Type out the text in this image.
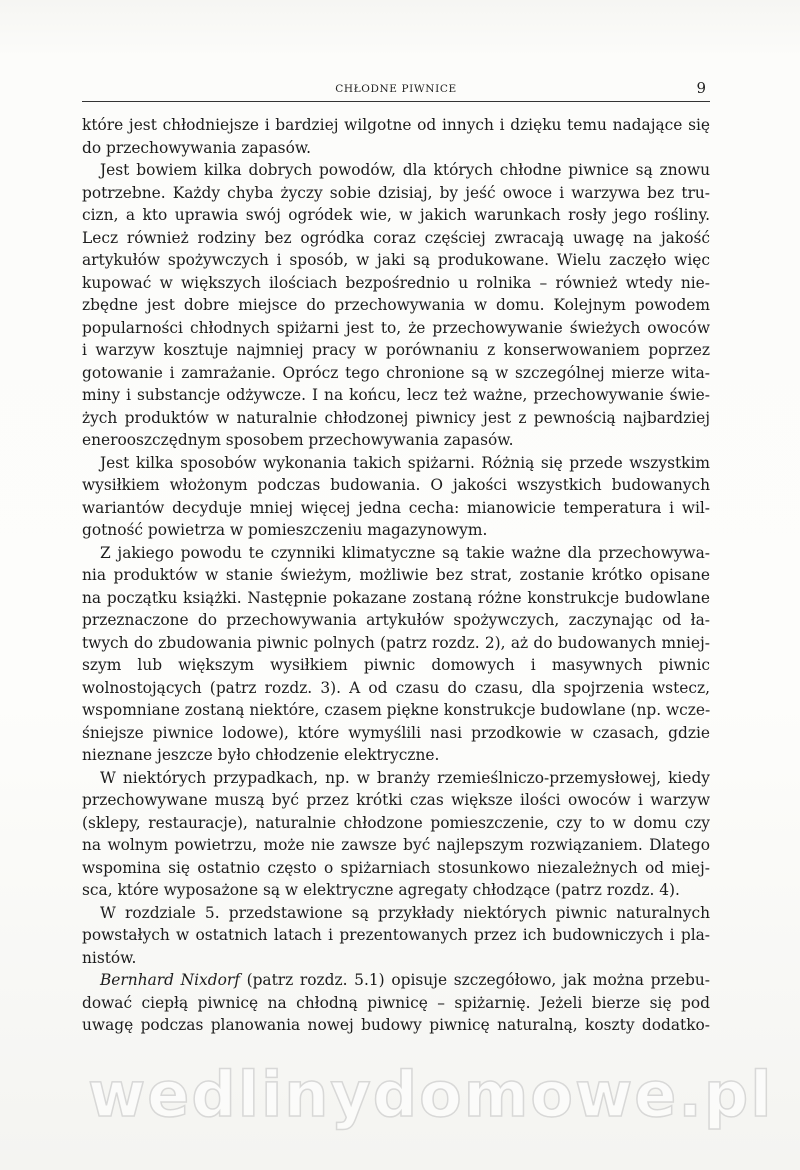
CHŁODNE PIWNICE	9
które jest chłodniejsze i bardziej wilgotne od innych i dzięku temu nadające się
do przechowywania zapasów.
Jest bowiem kilka dobrych powodów, dla których chłodne piwnice są znowu
potrzebne. Każdy chyba życzy sobie dzisiaj, by jeść owoce i warzywa bez tru-
cizn, a kto uprawia swój ogródek wie, w jakich warunkach rosły jego rośliny.
Lecz również rodziny bez ogródka coraz częściej zwracają uwagę na jakość
artykułów spożywczych i sposób, w jaki są produkowane. Wielu zaczęło więc
kupować w większych ilościach bezpośrednio u rolnika – również wtedy nie-
zbędne jest dobre miejsce do przechowywania w domu. Kolejnym powodem
popularności chłodnych spiżarni jest to, że przechowywanie świeżych owoców
i warzyw kosztuje najmniej pracy w porównaniu z konserwowaniem poprzez
gotowanie i zamrażanie. Oprócz tego chronione są w szczególnej mierze wita-
miny i substancje odżywcze. I na końcu, lecz też ważne, przechowywanie świe-
żych produktów w naturalnie chłodzonej piwnicy jest z pewnością najbardziej
enerooszczędnym sposobem przechowywania zapasów.
Jest kilka sposobów wykonania takich spiżarni. Różnią się przede wszystkim
wysiłkiem włożonym podczas budowania. O jakości wszystkich budowanych
wariantów decyduje mniej więcej jedna cecha: mianowicie temperatura i wil-
gotność powietrza w pomieszczeniu magazynowym.
Z jakiego powodu te czynniki klimatyczne są takie ważne dla przechowywa-
nia produktów w stanie świeżym, możliwie bez strat, zostanie krótko opisane
na początku książki. Następnie pokazane zostaną różne konstrukcje budowlane
przeznaczone do przechowywania artykułów spożywczych, zaczynając od ła-
twych do zbudowania piwnic polnych (patrz rozdz. 2), aż do budowanych mniej-
szym lub większym wysiłkiem piwnic domowych i masywnych piwnic
wolnostojących (patrz rozdz. 3). A od czasu do czasu, dla spojrzenia wstecz,
wspomniane zostaną niektóre, czasem piękne konstrukcje budowlane (np. wcze-
śniejsze piwnice lodowe), które wymyślili nasi przodkowie w czasach, gdzie
nieznane jeszcze było chłodzenie elektryczne.
W niektórych przypadkach, np. w branży rzemieślniczo-przemysłowej, kiedy
przechowywane muszą być przez krótki czas większe ilości owoców i warzyw
(sklepy, restauracje), naturalnie chłodzone pomieszczenie, czy to w domu czy
na wolnym powietrzu, może nie zawsze być najlepszym rozwiązaniem. Dlatego
wspomina się ostatnio często o spiżarniach stosunkowo niezależnych od miej-
sca, które wyposażone są w elektryczne agregaty chłodzące (patrz rozdz. 4).
W rozdziale 5. przedstawione są przykłady niektórych piwnic naturalnych
powstałych w ostatnich latach i prezentowanych przez ich budowniczych i pla-
nistów.
Bernhard Nixdorf (patrz rozdz. 5.1) opisuje szczegółowo, jak można przebu-
dować ciepłą piwnicę na chłodną piwnicę – spiżarnię. Jeżeli bierze się pod
uwagę podczas planowania nowej budowy piwnicę naturalną, koszty dodatko-
wedlinydomowe.pl
